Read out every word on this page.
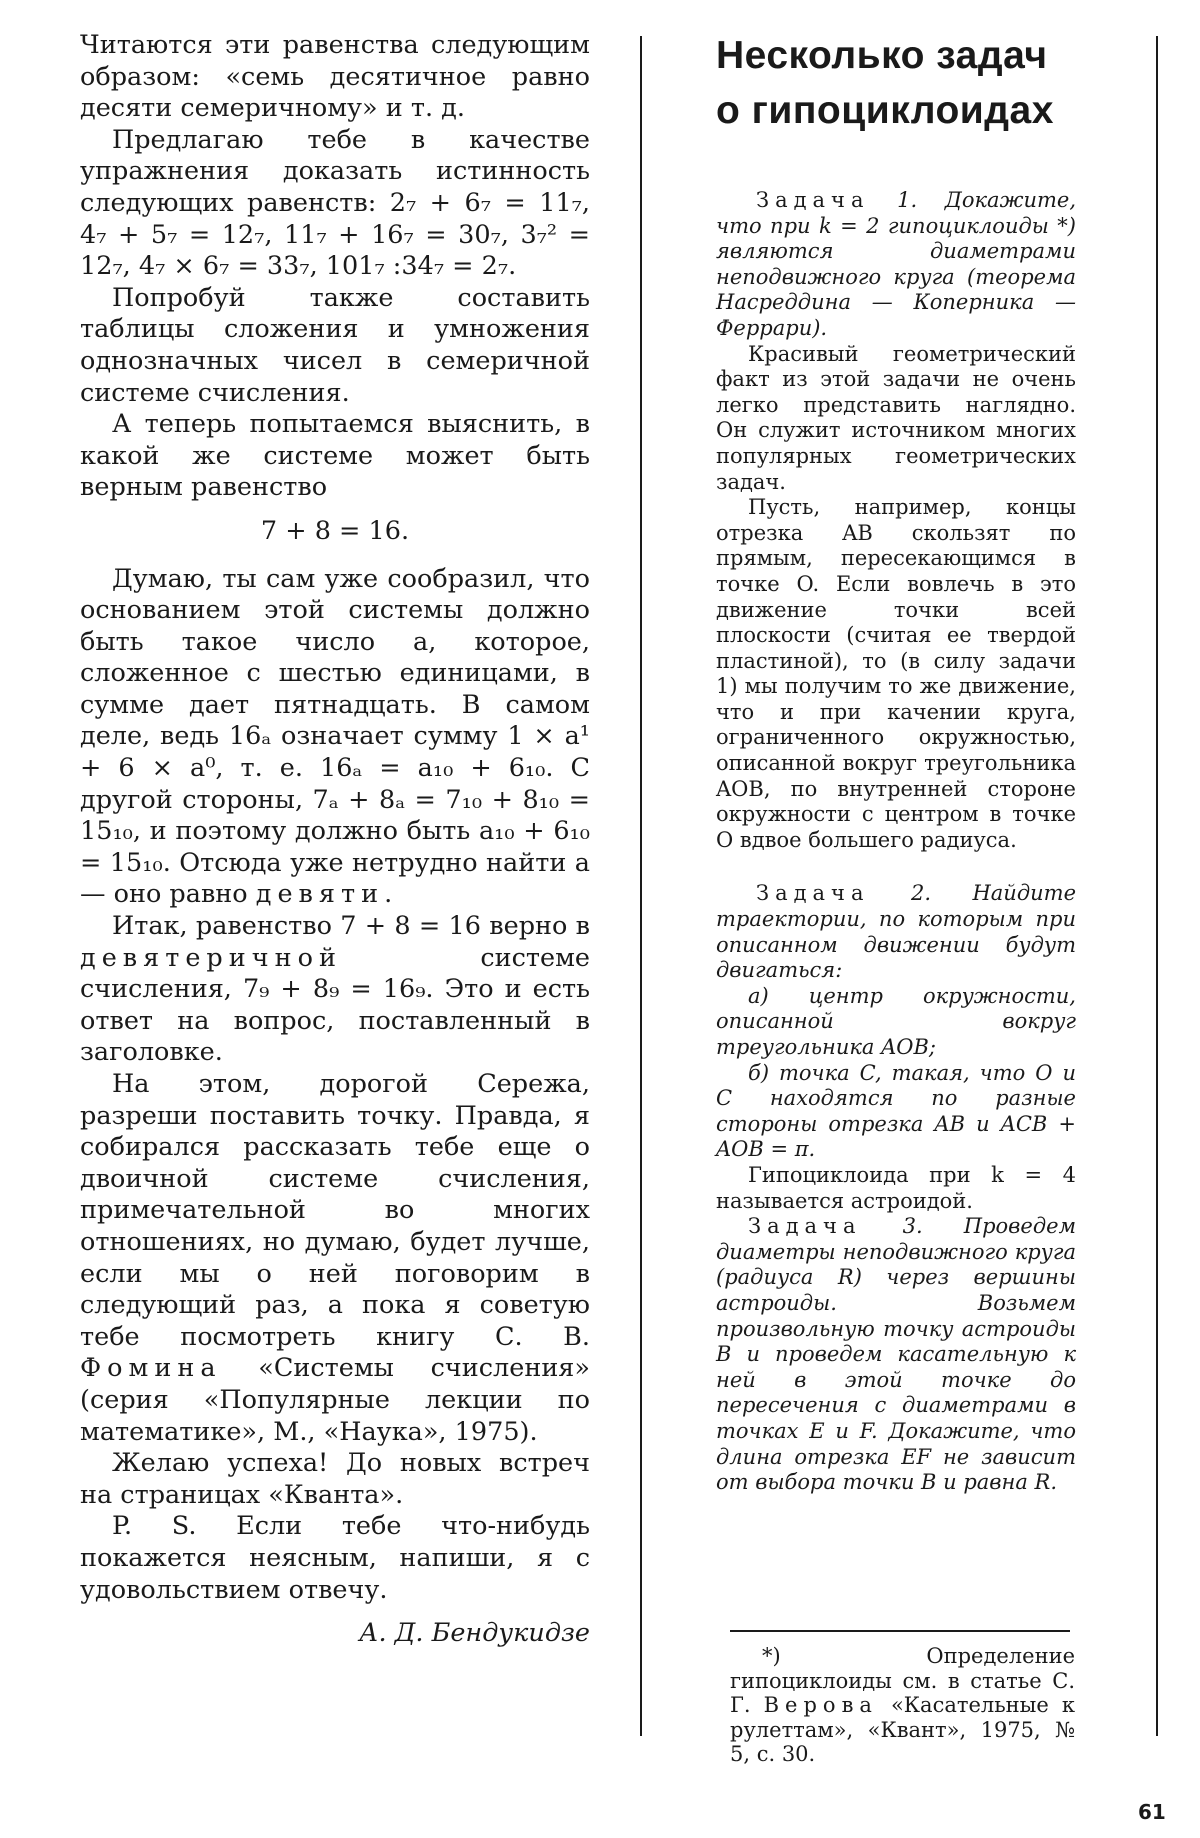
Читаются эти равенства следующим образом: «семь десятичное равно десяти семеричному» и т. д.

Предлагаю тебе в качестве упражнения доказать истинность следующих равенств: 2₇ + 6₇ = 11₇, 4₇ + 5₇ = 12₇, 11₇ + 16₇ = 30₇, 3₇² = 12₇, 4₇ × 6₇ = 33₇, 101₇ :34₇ = 2₇.

Попробуй также составить таблицы сложения и умножения однозначных чисел в семеричной системе счисления.

А теперь попытаемся выяснить, в какой же системе может быть верным равенство

7 + 8 = 16.

Думаю, ты сам уже сообразил, что основанием этой системы должно быть такое число a, которое, сложенное с шестью единицами, в сумме дает пятнадцать. В самом деле, ведь 16ₐ означает сумму 1 × a¹ + 6 × a⁰, т. е. 16ₐ = a₁₀ + 6₁₀. С другой стороны, 7ₐ + 8ₐ = 7₁₀ + 8₁₀ = 15₁₀, и поэтому должно быть a₁₀ + 6₁₀ = 15₁₀. Отсюда уже нетрудно найти a — оно равно девяти.

Итак, равенство 7 + 8 = 16 верно в девятеричной	системе счисления, 7₉ + 8₉ = 16₉. Это и есть ответ на вопрос, поставленный в заголовке.

На этом, дорогой Сережа, разреши поставить точку. Правда, я собирался рассказать тебе еще о двоичной системе счисления, примечательной во многих отношениях, но думаю, будет лучше, если мы о ней поговорим в следующий раз, а пока я советую тебе посмотреть книгу С. В. Фомина «Системы счисления» (серия «Популярные лекции по математике», М., «Наука», 1975).

Желаю успеха! До новых встреч на страницах «Кванта».

P. S. Если тебе что-нибудь покажется неясным, напиши, я с удовольствием отвечу.

А. Д. Бендукидзе

Несколько задач
о гипоциклоидах

Задача 1. Докажите, что при k = 2 гипоциклоиды *) являются диаметрами неподвижного круга (теорема Насреддина — Коперника — Феррари).

Красивый геометрический факт из этой задачи не очень легко представить наглядно. Он служит источником многих популярных геометрических задач.

Пусть, например, концы отрезка AB скользят по прямым, пересекающимся в точке O. Если вовлечь в это движение точки всей плоскости (считая ее твердой пластиной), то (в силу задачи 1) мы получим то же движение, что и при качении круга, ограниченного окружностью, описанной вокруг треугольника AOB, по внутренней стороне окружности с центром в точке O вдвое большего радиуса.

Задача 2. Найдите траектории, по которым при описанном движении будут двигаться:

а) центр окружности, описанной вокруг треугольника AOB;

б) точка C, такая, что O и C находятся по разные стороны отрезка AB и ACB + AOB = π.

Гипоциклоида при k = 4 называется астроидой.

Задача 3. Проведем диаметры неподвижного круга (радиуса R) через вершины астроиды. Возьмем произвольную точку астроиды B и проведем касательную к ней в этой точке до пересечения с диаметрами в точках E и F. Докажите, что длина отрезка EF не зависит от выбора точки B и равна R.

*) Определение гипоциклоиды см. в статье С. Г. Верова «Касательные к рулеттам», «Квант», 1975, № 5, с. 30.

61
